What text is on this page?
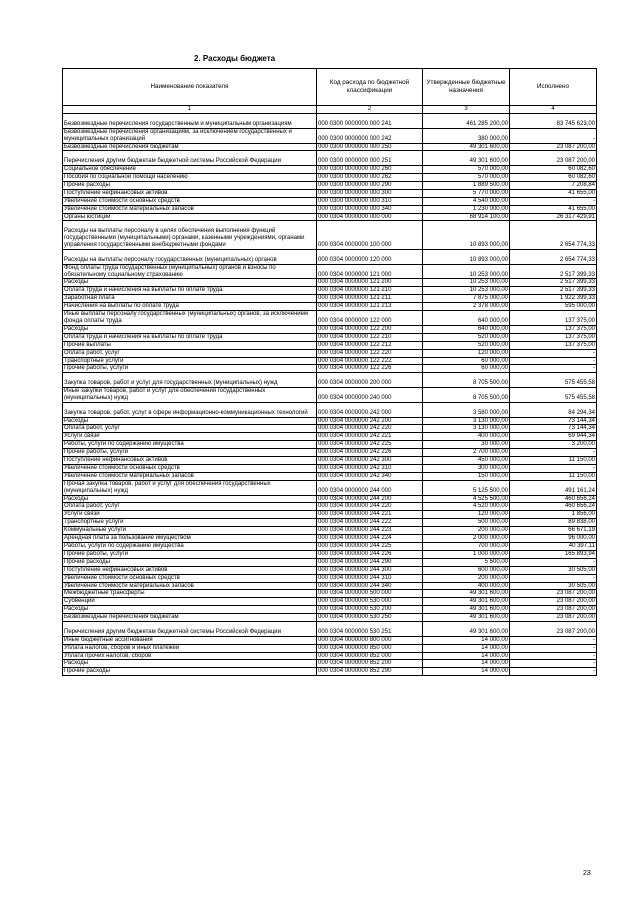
2. Расходы бюджета
Наименование показателя	Код расхода по бюджетной классификации	Утвержденные бюджетные назначения	Исполнено
1	2	3	4
Безвозмездные перечисления государственным и муниципальным организациям	000 0300 0000000 000 241	461 285 200,00	83 745 623,00
Безвозмездные перечисления организациям, за исключением государственных и муниципальных организаций	000 0300 0000000 000 242	380 000,00	-
Безвозмездные перечисления бюджетам	000 0300 0000000 000 250	49 301 600,00	23 087 200,00
Перечисления другим бюджетам бюджетной системы Российской Федерации	000 0300 0000000 000 251	49 301 600,00	23 087 200,00
Социальное обеспечение	000 0300 0000000 000 260	570 000,00	60 082,60
Пособия по социальной помощи населению	000 0300 0000000 000 262	570 000,00	60 082,60
Прочие расходы	000 0300 0000000 000 290	1 889 500,00	7 208,84
Поступление нефинансовых активов	000 0300 0000000 000 300	5 770 000,00	41 655,00
Увеличение стоимости основных средств	000 0300 0000000 000 310	4 540 000,00	-
Увеличение стоимости материальных запасов	000 0300 0000000 000 340	1 230 000,00	41 655,00
Органы юстиции	000 0304 0000000 000 000	68 914 100,00	26 317 429,91
Расходы на выплаты персоналу в целях обеспечения выполнения функций государственными (муниципальными) органами, казенными учреждениями, органами управления государственными внебюджетными фондами	000 0304 0000000 100 000	10 893 000,00	2 654 774,33
Расходы на выплаты персоналу государственных (муниципальных) органов	000 0304 0000000 120 000	10 893 000,00	2 654 774,33
Фонд оплаты труда государственных (муниципальных) органов и взносы по обязательному социальному страхованию	000 0304 0000000 121 000	10 253 000,00	2 517 399,33
Расходы	000 0304 0000000 121 200	10 253 000,00	2 517 399,33
Оплата труда и начисления на выплаты по оплате труда	000 0304 0000000 121 210	10 253 000,00	2 517 399,33
Заработная плата	000 0304 0000000 121 211	7 875 000,00	1 922 399,33
Начисления на выплаты по оплате труда	000 0304 0000000 121 213	2 378 000,00	595 000,00
Иные выплаты персоналу государственных (муниципальных) органов, за исключением фонда оплаты труда	000 0304 0000000 122 000	640 000,00	137 375,00
Расходы	000 0304 0000000 122 200	640 000,00	137 375,00
Оплата труда и начисления на выплаты по оплате труда	000 0304 0000000 122 210	520 000,00	137 375,00
Прочие выплаты	000 0304 0000000 122 212	520 000,00	137 375,00
Оплата работ, услуг	000 0304 0000000 122 220	120 000,00	-
Транспортные услуги	000 0304 0000000 122 222	60 000,00	-
Прочие работы, услуги	000 0304 0000000 122 226	60 000,00	-
Закупка товаров, работ и услуг для государственных (муниципальных) нужд	000 0304 0000000 200 000	8 705 500,00	575 455,58
Иные закупки товаров, работ и услуг для обеспечения государственных (муниципальных) нужд	000 0304 0000000 240 000	8 705 500,00	575 455,58
Закупка товаров, работ, услуг в сфере информационно-коммуникационных технологий	000 0304 0000000 242 000	3 580 000,00	84 294,34
Расходы	000 0304 0000000 242 200	3 130 000,00	73 144,34
Оплата работ, услуг	000 0304 0000000 242 220	3 130 000,00	73 144,34
Услуги связи	000 0304 0000000 242 221	400 000,00	69 944,34
Работы, услуги по содержанию имущества	000 0304 0000000 242 225	30 000,00	3 200,00
Прочие работы, услуги	000 0304 0000000 242 226	2 700 000,00	-
Поступление нефинансовых активов	000 0304 0000000 242 300	450 000,00	11 150,00
Увеличение стоимости основных средств	000 0304 0000000 242 310	300 000,00	-
Увеличение стоимости материальных запасов	000 0304 0000000 242 340	150 000,00	11 150,00
Прочая закупка товаров, работ и услуг для обеспечения государственных (муниципальных) нужд	000 0304 0000000 244 000	5 125 500,00	491 161,24
Расходы	000 0304 0000000 244 200	4 525 500,00	460 656,24
Оплата работ, услуг	000 0304 0000000 244 220	4 520 000,00	460 656,24
Услуги связи	000 0304 0000000 244 221	120 000,00	1 856,00
Транспортные услуги	000 0304 0000000 244 222	500 000,00	89 838,00
Коммунальные услуги	000 0304 0000000 244 223	200 000,00	66 671,19
Арендная плата за пользование имуществом	000 0304 0000000 244 224	2 000 000,00	96 000,00
Работы, услуги по содержанию имущества	000 0304 0000000 244 225	700 000,00	40 397,11
Прочие работы, услуги	000 0304 0000000 244 226	1 000 000,00	165 893,94
Прочие расходы	000 0304 0000000 244 290	5 500,00	-
Поступление нефинансовых активов	000 0304 0000000 244 300	600 000,00	30 505,00
Увеличение стоимости основных средств	000 0304 0000000 244 310	200 000,00	-
Увеличение стоимости материальных запасов	000 0304 0000000 244 340	400 000,00	30 505,00
Межбюджетные трансферты	000 0304 0000000 500 000	49 301 600,00	23 087 200,00
Субвенции	000 0304 0000000 530 000	49 301 600,00	23 087 200,00
Расходы	000 0304 0000000 530 200	49 301 600,00	23 087 200,00
Безвозмездные перечисления бюджетам	000 0304 0000000 530 250	49 301 600,00	23 087 200,00
Перечисления другим бюджетам бюджетной системы Российской Федерации	000 0304 0000000 530 251	49 301 600,00	23 087 200,00
Иные бюджетные ассигнования	000 0304 0000000 800 000	14 000,00	-
Уплата налогов, сборов и иных платежей	000 0304 0000000 850 000	14 000,00	-
Уплата прочих налогов, сборов	000 0304 0000000 852 000	14 000,00	-
Расходы	000 0304 0000000 852 200	14 000,00	-
Прочие расходы	000 0304 0000000 852 290	14 000,00	-
23
